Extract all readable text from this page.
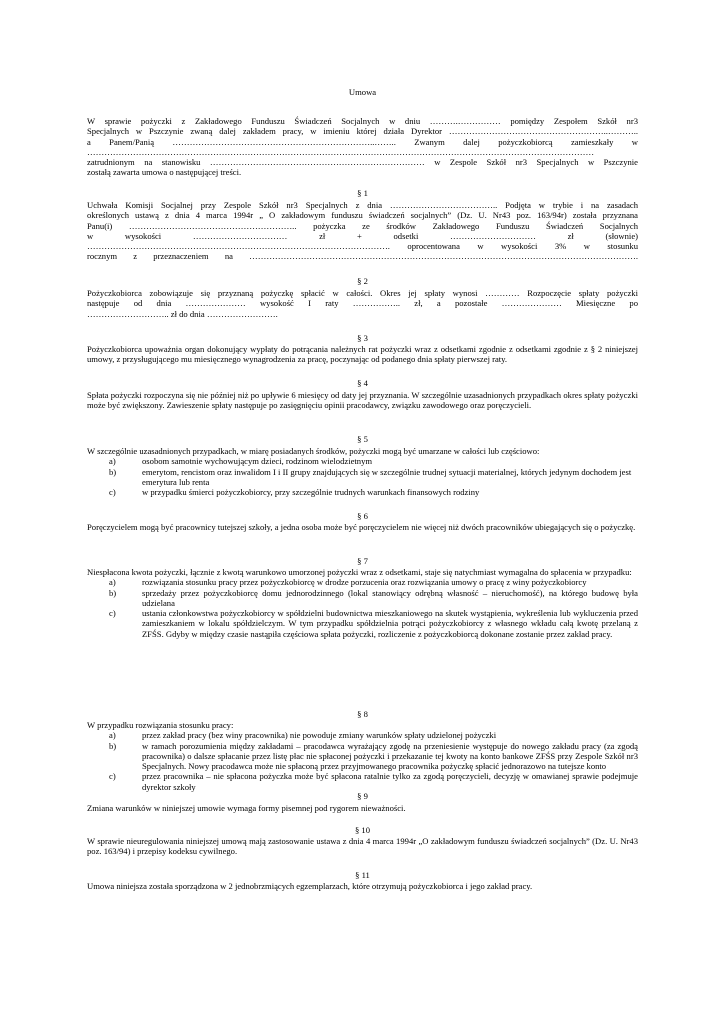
Umowa
W sprawie pożyczki z Zakładowego Funduszu Świadczeń Socjalnych w dniu ……….…………… pomiędzy Zespołem Szkół nr3
Specjalnych w Pszczynie zwaną dalej zakładem pracy, w imieniu której działa Dyrektor ………………………………………………..………..
a Panem/Panią ……………………………………………………………..…….. Zwanym dalej pożyczkobiorcą zamieszkały w
……………………………………………………………………………………………………………………………………………………………
zatrudnionym na stanowisku ………………………………………………………………… w Zespole Szkół nr3 Specjalnych w Pszczynie
zostałą zawarta umowa o następującej treści.
§ 1
Uchwała Komisji Socjalnej przy Zespole Szkół nr3 Specjalnych z dnia ……………………………….. Podjęta w trybie i na zasadach
określonych ustawą z dnia 4 marca 1994r „ O zakładowym funduszu świadczeń socjalnych” (Dz. U. Nr43 poz. 163/94r) została przyznana
Panu(i) ………………………………………………….. pożyczka ze środków Zakładowego Funduszu Świadczeń Socjalnych
w wysokości …………………………… zł + odsetki ………………………… zł (słownie)
……………………………………………………………………………………………. oprocentowana w wysokości 3% w stosunku
rocznym z przeznaczeniem na ……………………………………………………………………………………………………………………….
§ 2
Pożyczkobiorca zobowiązuje się przyznaną pożyczkę spłacić w całości. Okres jej spłaty wynosi ………… Rozpoczęcie spłaty pożyczki
następuje od dnia ………………… wysokość I raty …………….. zł, a pozostałe ………………… Miesięczne po
……………………….. zł do dnia …………………….
§ 3
Pożyczkobiorca upoważnia organ dokonujący wypłaty do potrącania należnych rat pożyczki wraz z odsetkami zgodnie z odsetkami zgodnie z § 2 niniejszej umowy, z przysługującego mu miesięcznego wynagrodzenia za pracę, poczynając od podanego dnia spłaty pierwszej raty.
§ 4
Spłata pożyczki rozpoczyna się nie później niż po upływie 6 miesięcy od daty jej przyznania. W szczególnie uzasadnionych przypadkach okres spłaty pożyczki może być zwiększony. Zawieszenie spłaty następuje po zasięgnięciu opinii pracodawcy, związku zawodowego oraz poręczycieli.
§ 5
W szczególnie uzasadnionych przypadkach, w miarę posiadanych środków, pożyczki mogą być umarzane w całości lub częściowo:
a)	osobom samotnie wychowującym dzieci, rodzinom wielodzietnym
b)	emerytom, rencistom oraz inwalidom I i II grupy znajdujących się w szczególnie trudnej sytuacji materialnej, których jedynym dochodem jest emerytura lub renta
c)	w przypadku śmierci pożyczkobiorcy, przy szczególnie trudnych warunkach finansowych rodziny
§ 6
Poręczycielem mogą być pracownicy tutejszej szkoły, a jedna osoba może być poręczycielem nie więcej niż dwóch pracowników ubiegających się o pożyczkę.
§ 7
Niespłacona kwota pożyczki, łącznie z kwotą warunkowo umorzonej pożyczki wraz z odsetkami, staje się natychmiast wymagalna do spłacenia w przypadku:
a)	rozwiązania stosunku pracy przez pożyczkobiorcę w drodze porzucenia oraz rozwiązania umowy o pracę z winy pożyczkobiorcy
b)	sprzedaży przez pożyczkobiorcę domu jednorodzinnego (lokal stanowiący odrębną własność – nieruchomość), na którego budowę była udzielana
c)	ustania członkowstwa pożyczkobiorcy w spółdzielni budownictwa mieszkaniowego na skutek wystąpienia, wykreślenia lub wykluczenia przed zamieszkaniem w lokalu spółdzielczym. W tym przypadku spółdzielnia potrąci pożyczkobiorcy z własnego wkładu całą kwotę przelaną z ZFŚS. Gdyby w między czasie nastąpiła częściowa spłata pożyczki, rozliczenie z pożyczkobiorcą dokonane zostanie przez zakład pracy.
§ 8
W przypadku rozwiązania stosunku pracy:
a)	przez zakład pracy (bez winy pracownika) nie powoduje zmiany warunków spłaty udzielonej pożyczki
b)	w ramach porozumienia między zakładami – pracodawca wyrażający zgodę na przeniesienie występuje do nowego zakładu pracy (za zgodą pracownika) o dalsze spłacanie przez listę płac nie spłaconej pożyczki i przekazanie tej kwoty na konto bankowe ZFŚS przy Zespole Szkół nr3 Specjalnych. Nowy pracodawca może nie spłaconą przez przyjmowanego pracownika pożyczkę spłacić jednorazowo na tutejsze konto
c)	przez pracownika – nie spłacona pożyczka może być spłacona ratalnie tylko za zgodą poręczycieli, decyzję w omawianej sprawie podejmuje dyrektor szkoły
§ 9
Zmiana warunków w niniejszej umowie wymaga formy pisemnej pod rygorem nieważności.
§ 10
W sprawie nieuregulowania niniejszej umową mają zastosowanie ustawa z dnia 4 marca 1994r „O zakładowym funduszu świadczeń socjalnych” (Dz. U. Nr43 poz. 163/94) i przepisy kodeksu cywilnego.
§ 11
Umowa niniejsza została sporządzona w 2 jednobrzmiących egzemplarzach, które otrzymują pożyczkobiorca i jego zakład pracy.
